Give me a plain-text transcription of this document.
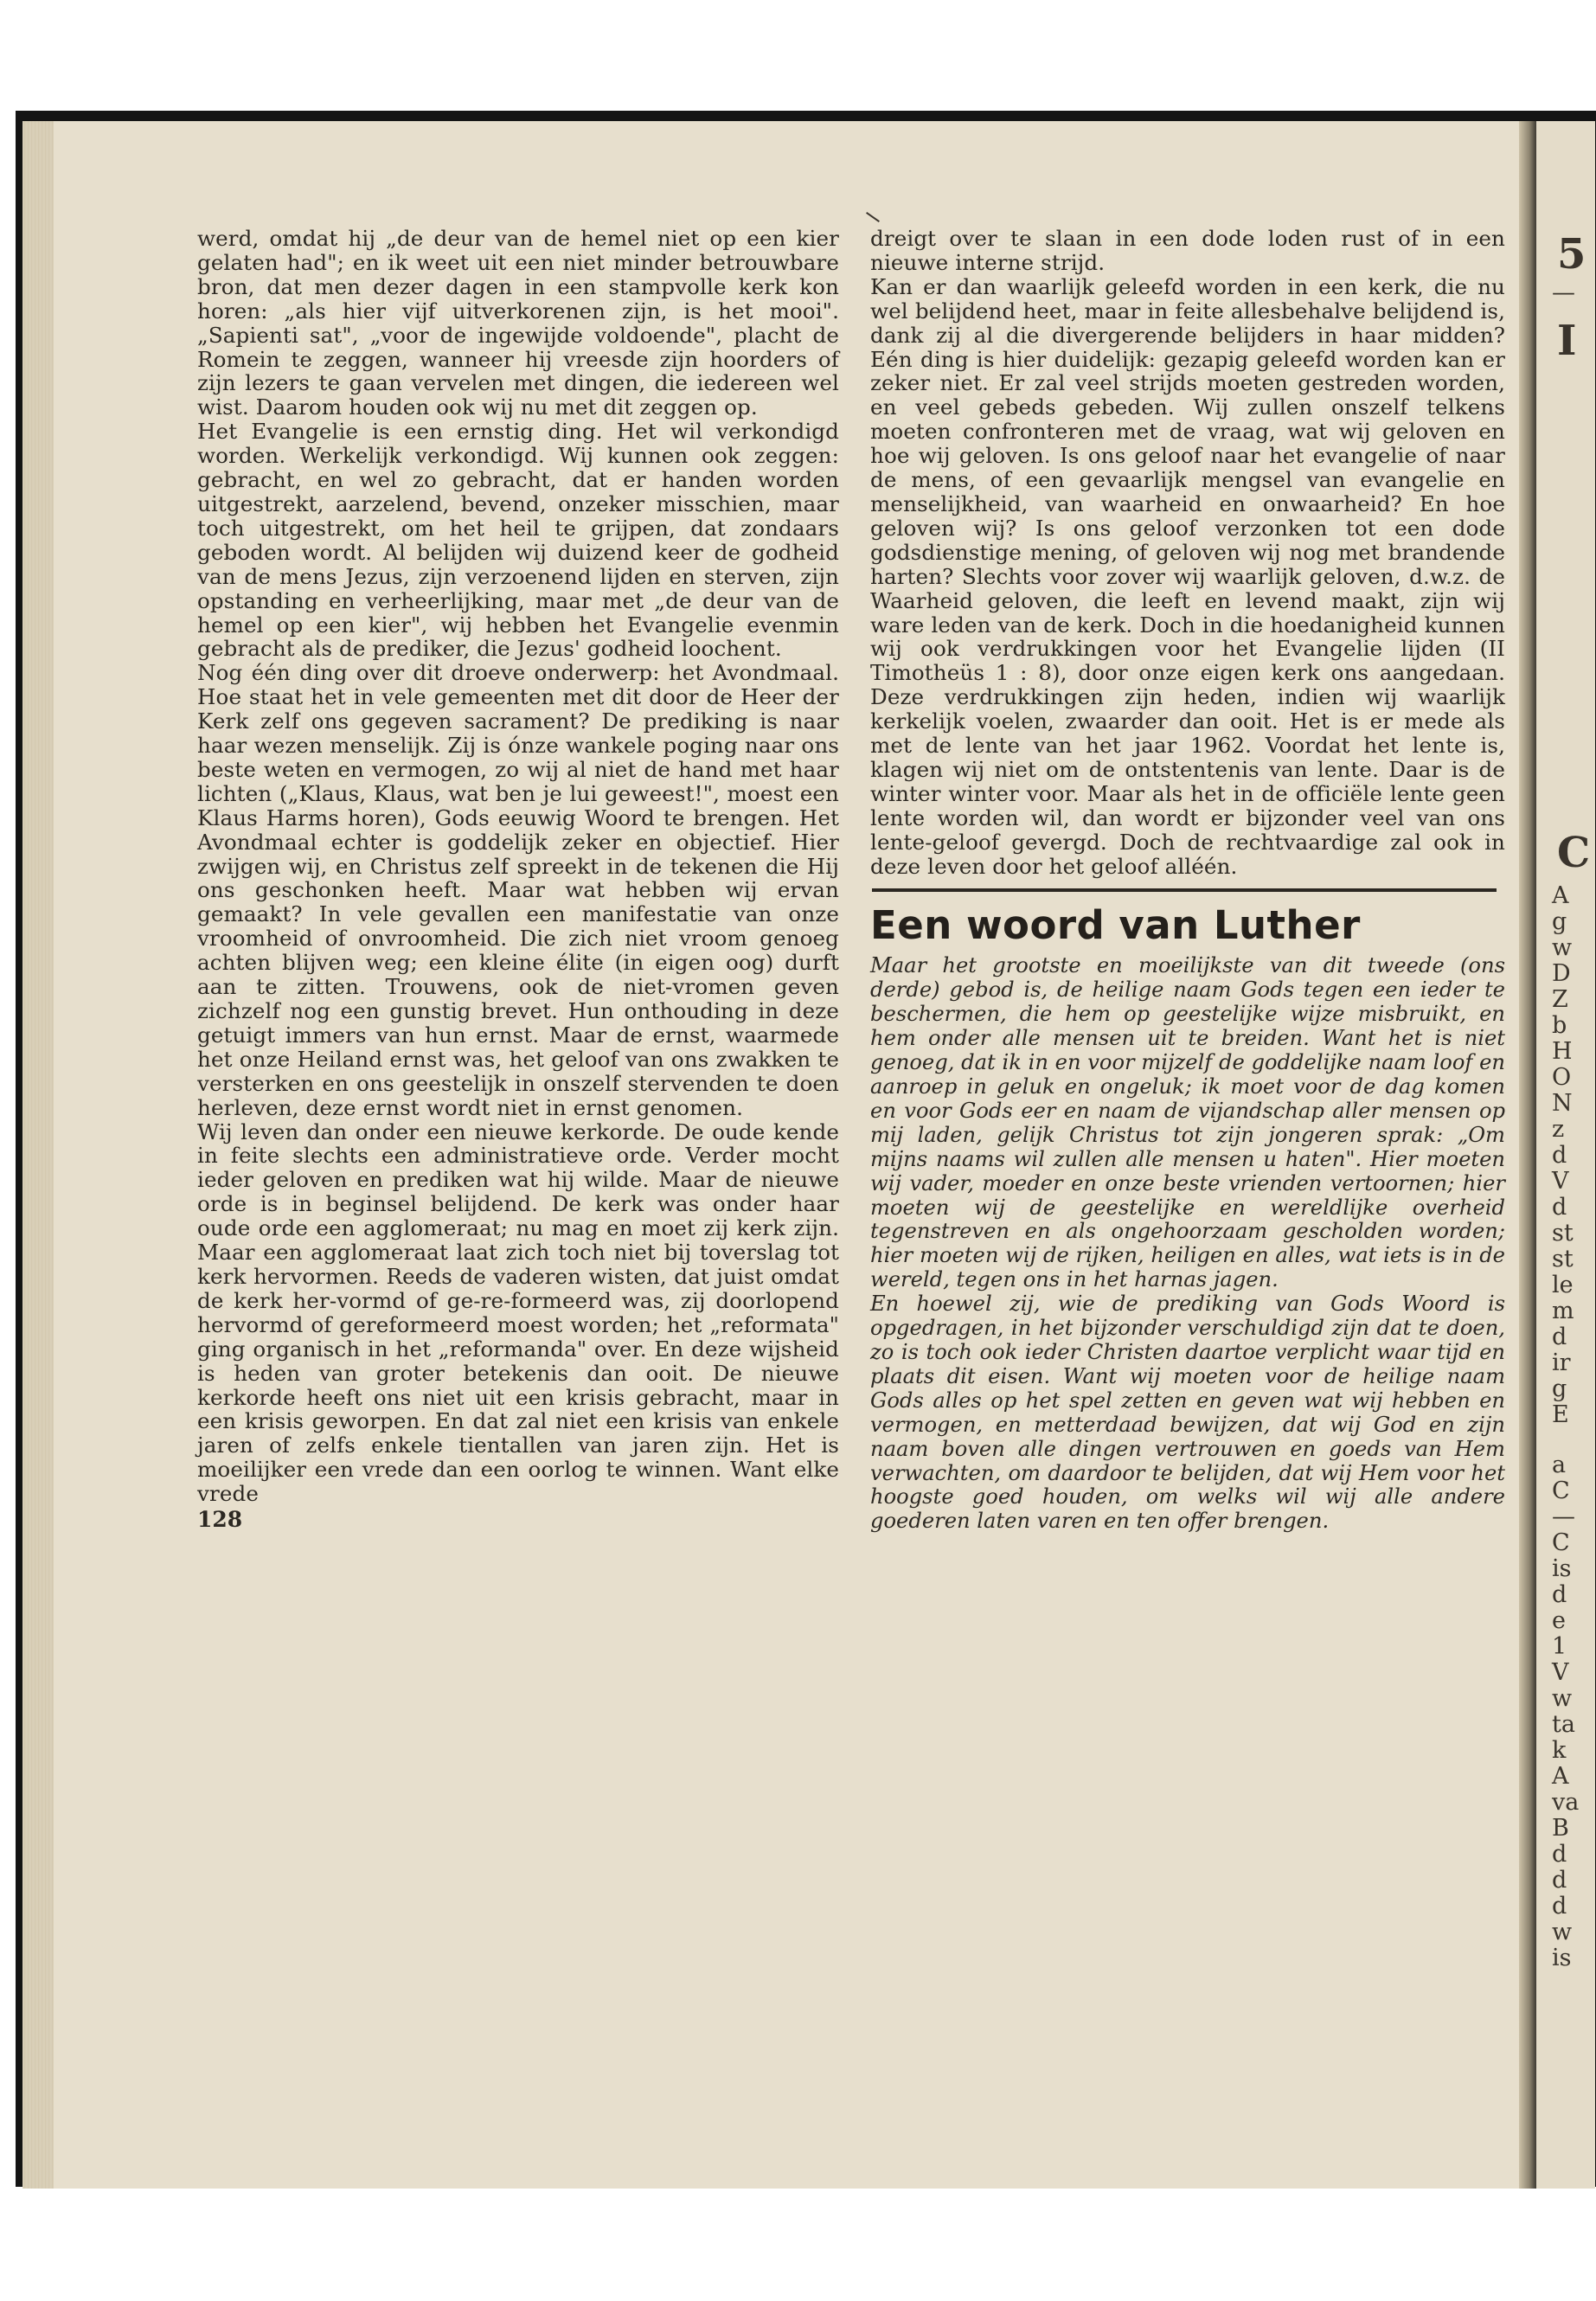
5
—
I
C
A
g
w
D
Z
b
H
O
N
z
d
V
d
st
st
le
m
d
ir
g
E
a
C
—
C
is
d
e
1
V
w
ta
k
A
va
B
d
d
d
w
is

werd, omdat hij „de deur van de hemel niet op een kier gelaten had"; en ik weet uit een niet minder betrouwbare bron, dat men dezer dagen in een stampvolle kerk kon horen: „als hier vijf uitverkorenen zijn, is het mooi". „Sapienti sat", „voor de ingewijde voldoende", placht de Romein te zeggen, wanneer hij vreesde zijn hoorders of zijn lezers te gaan vervelen met dingen, die iedereen wel wist. Daarom houden ook wij nu met dit zeggen op.

Het Evangelie is een ernstig ding. Het wil verkondigd worden. Werkelijk verkondigd. Wij kunnen ook zeggen: gebracht, en wel zo gebracht, dat er handen worden uitgestrekt, aarzelend, bevend, onzeker misschien, maar toch uitgestrekt, om het heil te grijpen, dat zondaars geboden wordt. Al belijden wij duizend keer de godheid van de mens Jezus, zijn verzoenend lijden en sterven, zijn opstanding en verheerlijking, maar met „de deur van de hemel op een kier", wij hebben het Evangelie evenmin gebracht als de prediker, die Jezus' godheid loochent.

Nog één ding over dit droeve onderwerp: het Avondmaal. Hoe staat het in vele gemeenten met dit door de Heer der Kerk zelf ons gegeven sacrament? De prediking is naar haar wezen menselijk. Zij is ónze wankele poging naar ons beste weten en vermogen, zo wij al niet de hand met haar lichten („Klaus, Klaus, wat ben je lui geweest!", moest een Klaus Harms horen), Gods eeuwig Woord te brengen. Het Avondmaal echter is goddelijk zeker en objectief. Hier zwijgen wij, en Christus zelf spreekt in de tekenen die Hij ons geschonken heeft. Maar wat hebben wij ervan gemaakt? In vele gevallen een manifestatie van onze vroomheid of onvroomheid. Die zich niet vroom genoeg achten blijven weg; een kleine élite (in eigen oog) durft aan te zitten. Trouwens, ook de niet-vromen geven zichzelf nog een gunstig brevet. Hun onthouding in deze getuigt immers van hun ernst. Maar de ernst, waarmede het onze Heiland ernst was, het geloof van ons zwakken te versterken en ons geestelijk in onszelf stervenden te doen herleven, deze ernst wordt niet in ernst genomen.

Wij leven dan onder een nieuwe kerkorde. De oude kende in feite slechts een administratieve orde. Verder mocht ieder geloven en prediken wat hij wilde. Maar de nieuwe orde is in beginsel belijdend. De kerk was onder haar oude orde een agglomeraat; nu mag en moet zij kerk zijn. Maar een agglomeraat laat zich toch niet bij toverslag tot kerk hervormen. Reeds de vaderen wisten, dat juist omdat de kerk her-vormd of ge-re-formeerd was, zij doorlopend hervormd of gereformeerd moest worden; het „reformata" ging organisch in het „reformanda" over. En deze wijsheid is heden van groter betekenis dan ooit. De nieuwe kerkorde heeft ons niet uit een krisis gebracht, maar in een krisis geworpen. En dat zal niet een krisis van enkele jaren of zelfs enkele tientallen van jaren zijn. Het is moeilijker een vrede dan een oorlog te winnen. Want elke vrede

128

dreigt over te slaan in een dode loden rust of in een nieuwe interne strijd.

Kan er dan waarlijk geleefd worden in een kerk, die nu wel belijdend heet, maar in feite allesbehalve belijdend is, dank zij al die divergerende belijders in haar midden? Eén ding is hier duidelijk: gezapig geleefd worden kan er zeker niet. Er zal veel strijds moeten gestreden worden, en veel gebeds gebeden. Wij zullen onszelf telkens moeten confronteren met de vraag, wat wij geloven en hoe wij geloven. Is ons geloof naar het evangelie of naar de mens, of een gevaarlijk mengsel van evangelie en menselijkheid, van waarheid en onwaarheid? En hoe geloven wij? Is ons geloof verzonken tot een dode godsdienstige mening, of geloven wij nog met brandende harten? Slechts voor zover wij waarlijk geloven, d.w.z. de Waarheid geloven, die leeft en levend maakt, zijn wij ware leden van de kerk. Doch in die hoedanigheid kunnen wij ook verdrukkingen voor het Evangelie lijden (II Timotheüs 1 : 8), door onze eigen kerk ons aangedaan. Deze verdrukkingen zijn heden, indien wij waarlijk kerkelijk voelen, zwaarder dan ooit. Het is er mede als met de lente van het jaar 1962. Voordat het lente is, klagen wij niet om de ontstentenis van lente. Daar is de winter winter voor. Maar als het in de officiële lente geen lente worden wil, dan wordt er bijzonder veel van ons lente-geloof gevergd. Doch de rechtvaardige zal ook in deze leven door het geloof alléén.

Een woord van Luther

Maar het grootste en moeilijkste van dit tweede (ons derde) gebod is, de heilige naam Gods tegen een ieder te beschermen, die hem op geestelijke wijze misbruikt, en hem onder alle mensen uit te breiden. Want het is niet genoeg, dat ik in en voor mijzelf de goddelijke naam loof en aanroep in geluk en ongeluk; ik moet voor de dag komen en voor Gods eer en naam de vijandschap aller mensen op mij laden, gelijk Christus tot zijn jongeren sprak: „Om mijns naams wil zullen alle mensen u haten". Hier moeten wij vader, moeder en onze beste vrienden vertoornen; hier moeten wij de geestelijke en wereldlijke overheid tegenstreven en als ongehoorzaam gescholden worden; hier moeten wij de rijken, heiligen en alles, wat iets is in de wereld, tegen ons in het harnas jagen.

En hoewel zij, wie de prediking van Gods Woord is opgedragen, in het bijzonder verschuldigd zijn dat te doen, zo is toch ook ieder Christen daartoe verplicht waar tijd en plaats dit eisen. Want wij moeten voor de heilige naam Gods alles op het spel zetten en geven wat wij hebben en vermogen, en metterdaad bewijzen, dat wij God en zijn naam boven alle dingen vertrouwen en goeds van Hem verwachten, om daardoor te belijden, dat wij Hem voor het hoogste goed houden, om welks wil wij alle andere goederen laten varen en ten offer brengen.
